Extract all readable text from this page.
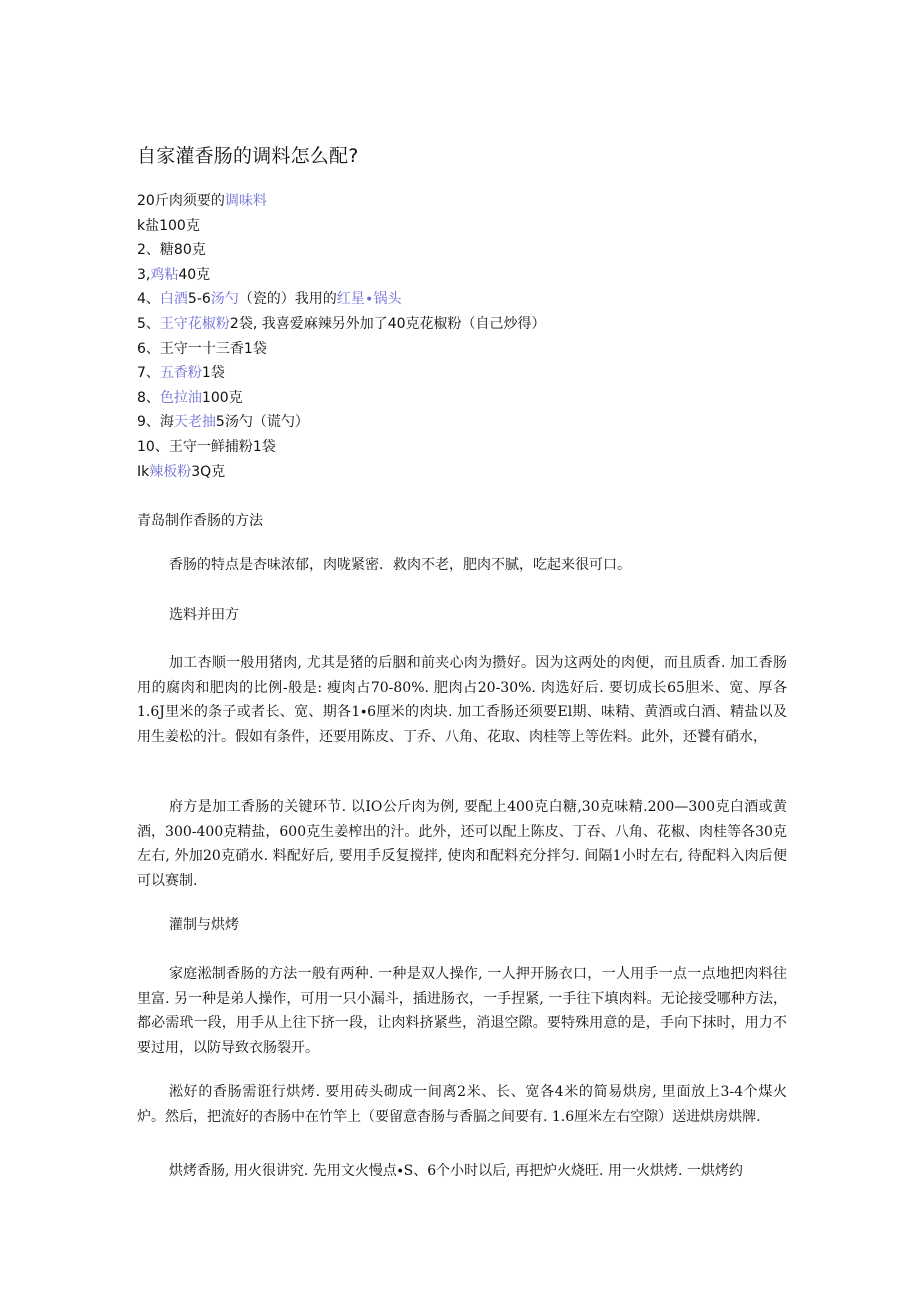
自家灌香肠的调料怎么配?
20斤肉须要的调味料
k盐100克
2、糖80克
3,鸡粘40克
4、白酒5-6汤勺（瓷的）我用的红星∙锅头
5、王守花椒粉2袋, 我喜爱麻辣另外加了40克花椒粉（自己炒得）
6、王守一十三香1袋
7、五香粉1袋
8、色拉油100克
9、海天老抽5汤勺（谎勺）
10、王守一鲜捕粉1袋
Ik辣板粉3Q克
青岛制作香肠的方法

香肠的特点是杏味浓郁，肉咙紧密．救肉不老，肥肉不腻，吃起来很可口。

选料并田方

加工杏顺一般用猪肉, 尤其是猪的后胭和前夹心肉为攒好。因为这两处的肉便，而且质香. 加工香肠用的腐肉和肥肉的比例-般是: 瘦肉占70-80%. 肥肉占20-30%. 肉选好后. 要切成长65胆米、宽、厚各1.6J里米的条子或者长、宽、期各1∙6厘米的肉块. 加工香肠还须要El期、味精、黄酒或白酒、精盐以及用生姜松的汁。假如有条件，还要用陈皮、丁乔、八角、花取、肉桂等上等佐料。此外，还饕有硝水，

府方是加工香肠的关键环节. 以IO公斤肉为例, 要配上400克白糖,30克味精.200—300克白酒或黄酒，300-400克精盐，600克生姜榨出的汁。此外，还可以配上陈皮、丁吞、八角、花椒、肉桂等各30克左右, 外加20克硝水. 料配好后, 要用手反复搅拌, 使肉和配料充分拌匀. 间隔1小时左右, 待配料入肉后便可以赛制.

灌制与烘烤

家庭淞制香肠的方法一般有两种. 一种是双人操作, 一人押开肠衣口，一人用手一点一点地把肉料往里富. 另一种是弟人操作，可用一只小漏斗，插进肠衣，一手捏紧, 一手往下填肉料。无论接受哪种方法，都必需玳一段，用手从上往下挤一段，让肉料挤紧些，消退空隙。要特殊用意的是，手向下抹时，用力不要过用，以防导致衣肠裂开。

淞好的香肠需诳行烘烤. 要用砖头砌成一间离2米、长、宽各4米的简易烘房, 里面放上3-4个煤火炉。然后，把流好的杏肠中在竹竿上（要留意杳肠与香膈之间要有. 1.6厘米左右空隙）送进烘房烘牌.

烘烤香肠, 用火很讲究. 先用文火慢点∙S、6个小时以后, 再把炉火烧旺. 用一火烘烤. 一烘烤约
